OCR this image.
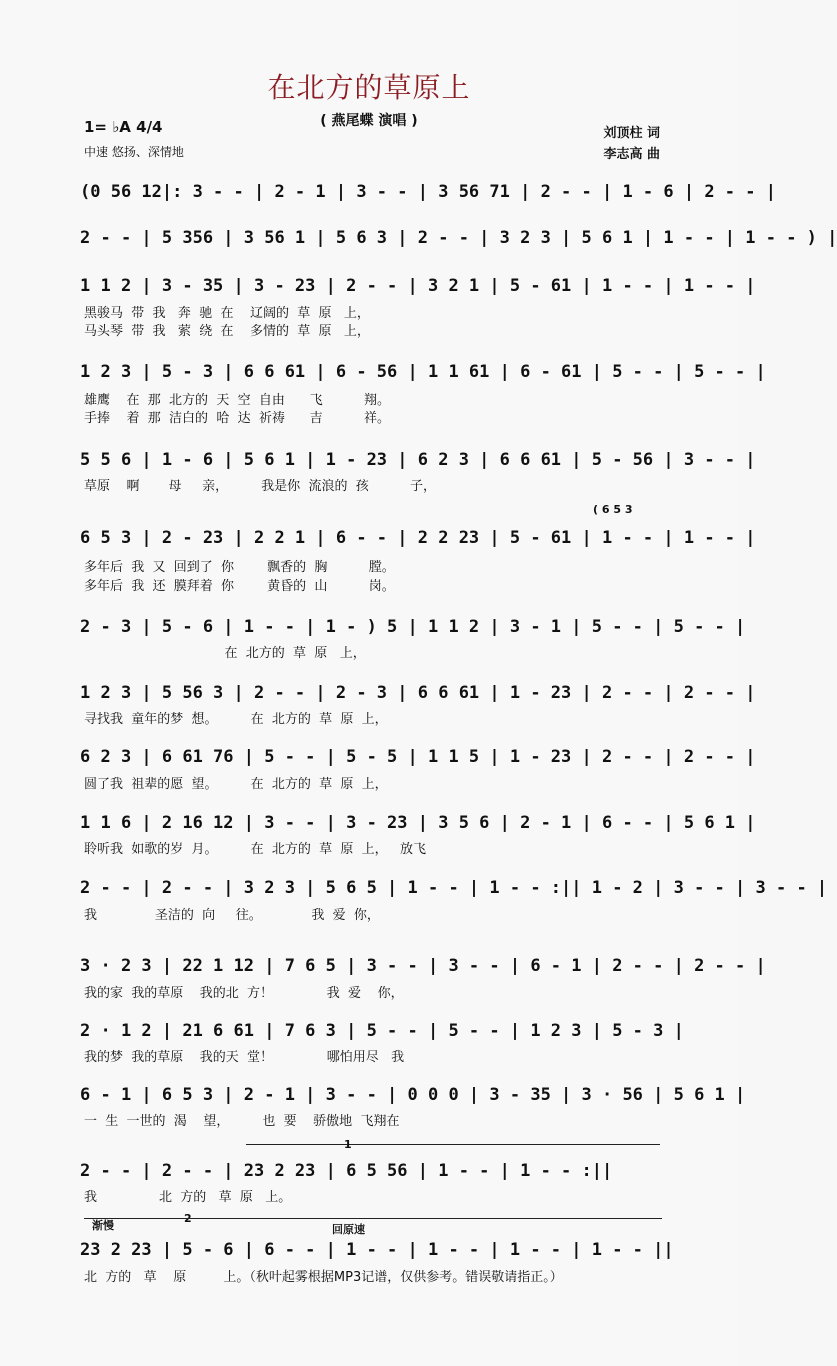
在北方的草原上
( 燕尾蝶 演唱 )
1= ♭A 4/4
中速 悠扬、深情地
刘顶柱 词
李志高 曲
(0 56 12|: 3 - - | 2 - 1 | 3 - - | 3 56 71 | 2 - - | 1 - 6 | 2 - - |
2 - - | 5 356 | 3 56 1 | 5 6 3 | 2 - - | 3 2 3 | 5 6 1 | 1 - - | 1 - - ) |
1 1 2 | 3 - 35 | 3 - 23 | 2 - - | 3 2 1 | 5 - 61 | 1 - - | 1 - - |
黑骏马  带  我   奔  驰  在    辽阔的  草  原   上，
马头琴  带  我   萦  绕  在    多情的  草  原   上，
1 2 3 | 5 - 3 | 6 6 61 | 6 - 56 | 1 1 61 | 6 - 61 | 5 - - | 5 - - |
雄鹰    在  那  北方的  天  空  自由      飞          翔。
手捧    着  那  洁白的  哈  达  祈祷      吉          祥。
5 5 6 | 1 - 6 | 5 6 1 | 1 - 23 | 6 2 3 | 6 6 61 | 5 - 56 | 3 - - |
草原    啊       母     亲，        我是你  流浪的  孩          子，
( 6 5 3
6 5 3 | 2 - 23 | 2 2 1 | 6 - - | 2 2 23 | 5 - 61 | 1 - - | 1 - - |
多年后  我  又  回到了  你        飘香的  胸          膛。
多年后  我  还  膜拜着  你        黄昏的  山          岗。
2 - 3 | 5 - 6 | 1 - - | 1 - ) 5 | 1 1 2 | 3 - 1 | 5 - - | 5 - - |
在  北方的  草  原   上，
1 2 3 | 5 56 3 | 2 - - | 2 - 3 | 6 6 61 | 1 - 23 | 2 - - | 2 - - |
寻找我  童年的梦  想。        在  北方的  草  原  上，
6 2 3 | 6 61 76 | 5 - - | 5 - 5 | 1 1 5 | 1 - 23 | 2 - - | 2 - - |
圆了我  祖辈的愿  望。        在  北方的  草  原  上，
1 1 6 | 2 16 12 | 3 - - | 3 - 23 | 3 5 6 | 2 - 1 | 6 - - | 5 6 1 |
聆听我  如歌的岁  月。        在  北方的  草  原  上，   放飞
2 - - | 2 - - | 3 2 3 | 5 6 5 | 1 - - | 1 - - :|| 1 - 2 | 3 - - | 3 - - |
我              圣洁的  向     往。            我  爱  你，
3 · 2 3 | 22 1 12 | 7 6 5 | 3 - - | 3 - - | 6 - 1 | 2 - - | 2 - - |
我的家  我的草原    我的北  方！             我  爱    你，
2 · 1 2 | 21 6 61 | 7 6 3 | 5 - - | 5 - - | 1 2 3 | 5 - 3 |
我的梦  我的草原    我的天  堂！             哪怕用尽   我
6 - 1 | 6 5 3 | 2 - 1 | 3 - - | 0 0 0 | 3 - 35 | 3 · 56 | 5 6 1 |
一  生  一世的  渴    望，        也  要    骄傲地  飞翔在
1
2 - - | 2 - - | 23 2 23 | 6 5 56 | 1 - - | 1 - - :||
我               北  方的   草  原   上。
渐慢	回原速
23 2 23 | 5 - 6 | 6 - - | 1 - - | 1 - - | 1 - - | 1 - - ||
北  方的   草    原         上。（秋叶起雾根据MP3记谱，仅供参考。错误敬请指正。）
